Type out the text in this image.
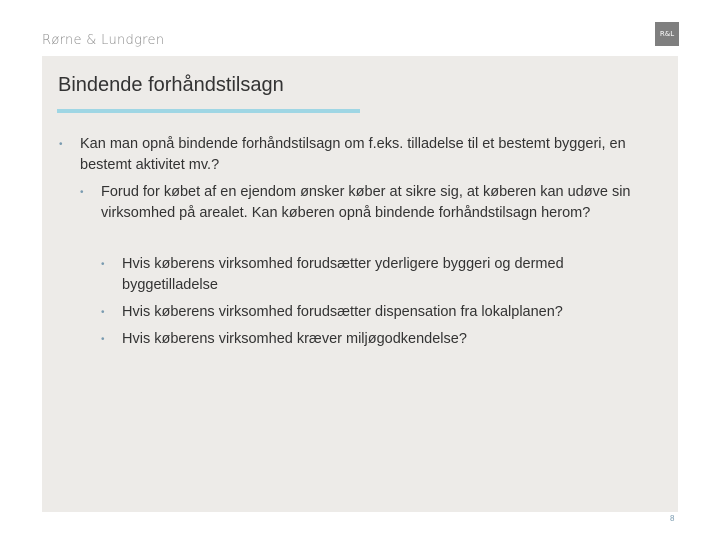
Rørne & Lundgren	R&L
Bindende forhåndstilsagn

• Kan man opnå bindende forhåndstilsagn om f.eks. tilladelse til et bestemt byggeri, en bestemt aktivitet mv.?

• Forud for købet af en ejendom ønsker køber at sikre sig, at køberen kan udøve sin virksomhed på arealet. Kan køberen opnå bindende forhåndstilsagn herom?

• Hvis køberens virksomhed forudsætter yderligere byggeri og dermed byggetilladelse

• Hvis køberens virksomhed forudsætter dispensation fra lokalplanen?

• Hvis køberens virksomhed kræver miljøgodkendelse?

8
